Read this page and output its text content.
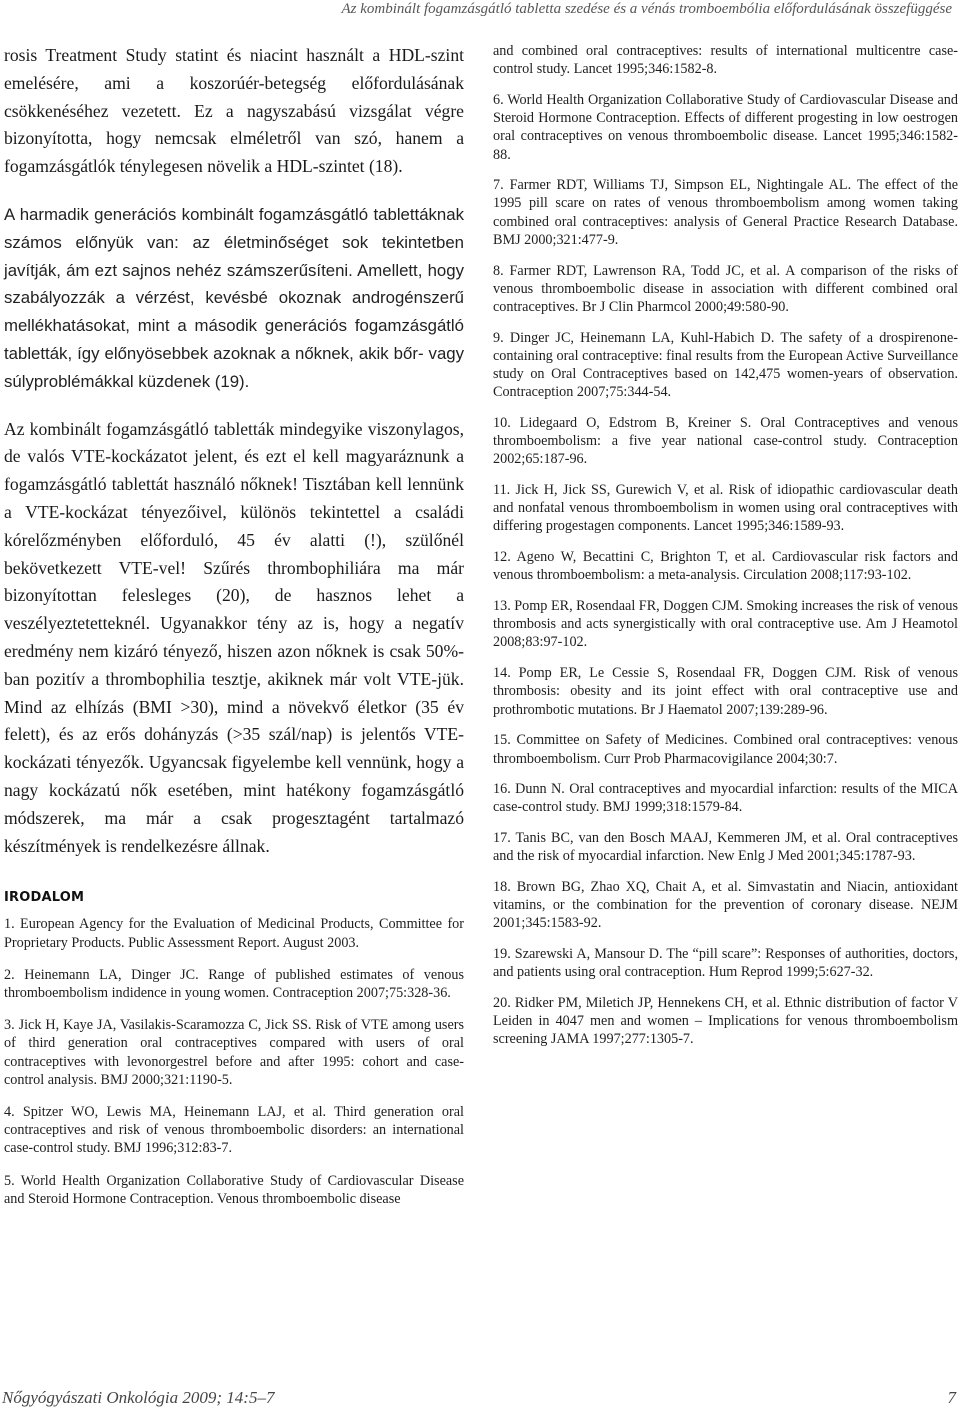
Az kombinált fogamzásgátló tabletta szedése és a vénás tromboembólia előfordulásának összefüggése

rosis Treatment Study statint és niacint használt a HDL-szint emelésére, ami a koszorúér-betegség előfordulásának csökkenéséhez vezetett. Ez a nagyszabású vizsgálat végre bizonyította, hogy nemcsak elméletről van szó, hanem a fogamzásgátlók ténylegesen növelik a HDL-szintet (18).

A harmadik generációs kombinált fogamzásgátló tablettáknak számos előnyük van: az életminőséget sok tekintetben javítják, ám ezt sajnos nehéz számszerűsíteni. Amellett, hogy szabályozzák a vérzést, kevésbé okoznak androgénszerű mellékhatásokat, mint a második generációs fogamzásgátló tabletták, így előnyösebbek azoknak a nőknek, akik bőr- vagy súlyproblémákkal küzdenek (19).

Az kombinált fogamzásgátló tabletták mindegyike viszonylagos, de valós VTE-kockázatot jelent, és ezt el kell magyaráznunk a fogamzásgátló tablettát használó nőknek! Tisztában kell lennünk a VTE-kockázat tényezőivel, különös tekintettel a családi kórelőzményben előforduló, 45 év alatti (!), szülőnél bekövetkezett VTE-vel! Szűrés thrombophiliára ma már bizonyítottan felesleges (20), de hasznos lehet a veszélyeztetetteknél. Ugyanakkor tény az is, hogy a negatív eredmény nem kizáró tényező, hiszen azon nőknek is csak 50%-ban pozitív a thrombophilia tesztje, akiknek már volt VTE-jük. Mind az elhízás (BMI >30), mind a növekvő életkor (35 év felett), és az erős dohányzás (>35 szál/nap) is jelentős VTE-kockázati tényezők. Ugyancsak figyelembe kell vennünk, hogy a nagy kockázatú nők esetében, mint hatékony fogamzásgátló módszerek, ma már a csak progesztagént tartalmazó készítmények is rendelkezésre állnak.

IRODALOM
1. European Agency for the Evaluation of Medicinal Products, Committee for Proprietary Products. Public Assessment Report. August 2003.
2. Heinemann LA, Dinger JC. Range of published estimates of venous thromboembolism indidence in young women. Contraception 2007;75:328-36.
3. Jick H, Kaye JA, Vasilakis-Scaramozza C, Jick SS. Risk of VTE among users of third generation oral contraceptives compared with users of oral contraceptives with levonorgestrel before and after 1995: cohort and case-control analysis. BMJ 2000;321:1190-5.
4. Spitzer WO, Lewis MA, Heinemann LAJ, et al. Third generation oral contraceptives and risk of venous thromboembolic disorders: an international case-control study. BMJ 1996;312:83-7.
5. World Health Organization Collaborative Study of Cardiovascular Disease and Steroid Hormone Contraception. Venous thromboembolic disease
and combined oral contraceptives: results of international multicentre case-control study. Lancet 1995;346:1582-8.
6. World Health Organization Collaborative Study of Cardiovascular Disease and Steroid Hormone Contraception. Effects of different progesting in low oestrogen oral contraceptives on venous thromboembolic disease. Lancet 1995;346:1582-88.
7. Farmer RDT, Williams TJ, Simpson EL, Nightingale AL. The effect of the 1995 pill scare on rates of venous thromboembolism among women taking combined oral contraceptives: analysis of General Practice Research Database. BMJ 2000;321:477-9.
8. Farmer RDT, Lawrenson RA, Todd JC, et al. A comparison of the risks of venous thromboembolic disease in association with different combined oral contraceptives. Br J Clin Pharmcol 2000;49:580-90.
9. Dinger JC, Heinemann LA, Kuhl-Habich D. The safety of a drospirenone-containing oral contraceptive: final results from the European Active Surveillance study on Oral Contraceptives based on 142,475 women-years of observation. Contraception 2007;75:344-54.
10. Lidegaard O, Edstrom B, Kreiner S. Oral Contraceptives and venous thromboembolism: a five year national case-control study. Contraception 2002;65:187-96.
11. Jick H, Jick SS, Gurewich V, et al. Risk of idiopathic cardiovascular death and nonfatal venous thromboembolism in women using oral contraceptives with differing progestagen components. Lancet 1995;346:1589-93.
12. Ageno W, Becattini C, Brighton T, et al. Cardiovascular risk factors and venous thromboembolism: a meta-analysis. Circulation 2008;117:93-102.
13. Pomp ER, Rosendaal FR, Doggen CJM. Smoking increases the risk of venous thrombosis and acts synergistically with oral contraceptive use. Am J Heamotol 2008;83:97-102.
14. Pomp ER, Le Cessie S, Rosendaal FR, Doggen CJM. Risk of venous thrombosis: obesity and its joint effect with oral contraceptive use and prothrombotic mutations. Br J Haematol 2007;139:289-96.
15. Committee on Safety of Medicines. Combined oral contraceptives: venous thromboembolism. Curr Prob Pharmacovigilance 2004;30:7.
16. Dunn N. Oral contraceptives and myocardial infarction: results of the MICA case-control study. BMJ 1999;318:1579-84.
17. Tanis BC, van den Bosch MAAJ, Kemmeren JM, et al. Oral contraceptives and the risk of myocardial infarction. New Enlg J Med 2001;345:1787-93.
18. Brown BG, Zhao XQ, Chait A, et al. Simvastatin and Niacin, antioxidant vitamins, or the combination for the prevention of coronary disease. NEJM 2001;345:1583-92.
19. Szarewski A, Mansour D. The “pill scare”: Responses of authorities, doctors, and patients using oral contraception. Hum Reprod 1999;5:627-32.
20. Ridker PM, Miletich JP, Hennekens CH, et al. Ethnic distribution of factor V Leiden in 4047 men and women – Implications for venous thromboembolism screening JAMA 1997;277:1305-7.
Nőgyógyászati Onkológia 2009; 14:5–7	7
